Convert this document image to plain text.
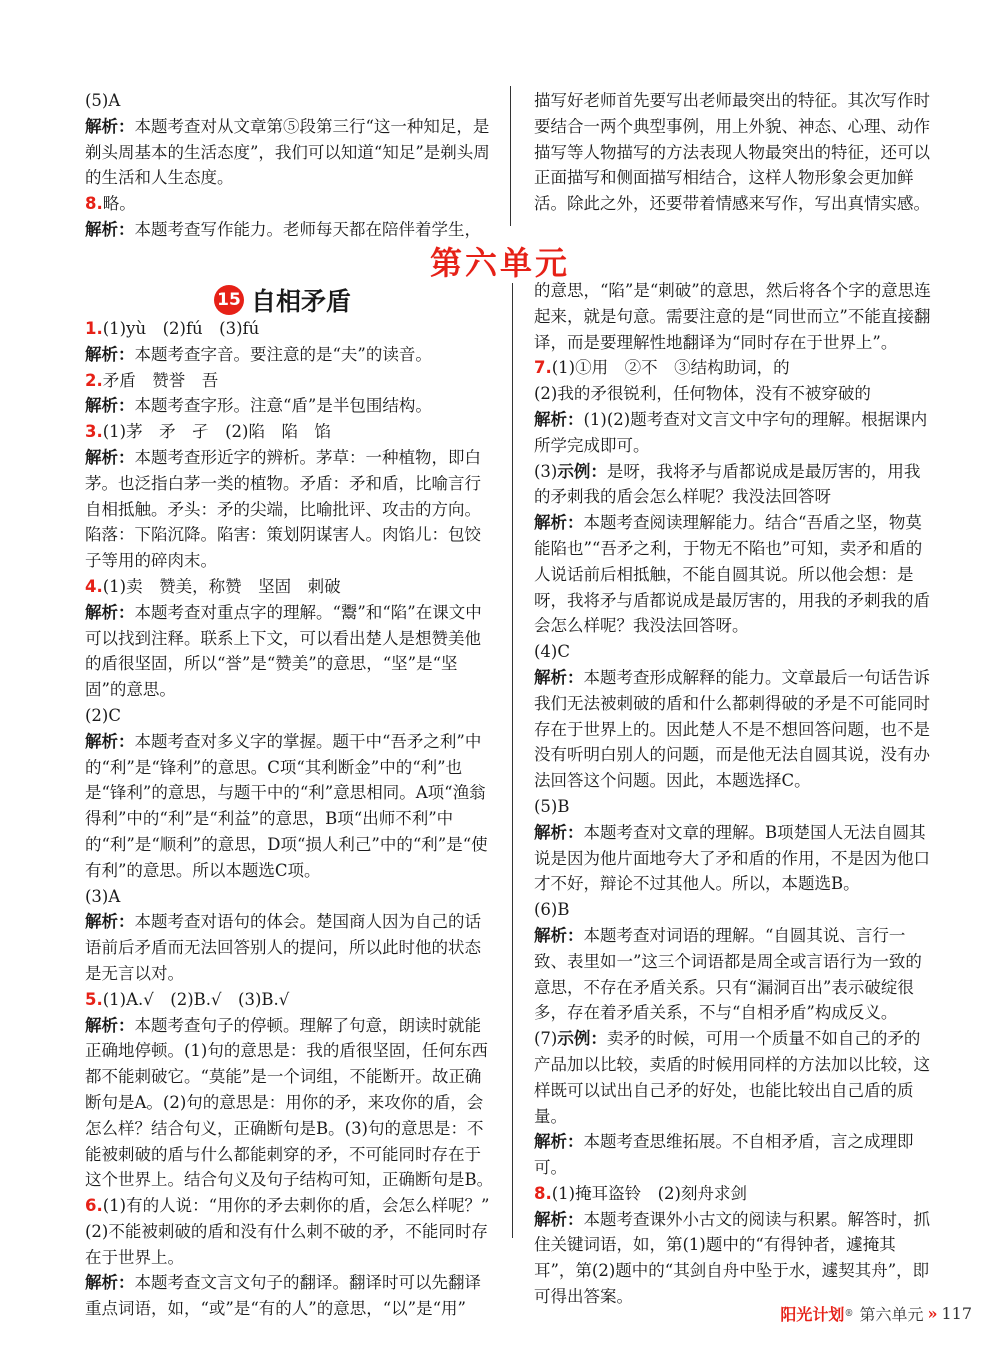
(5)A

解析：本题考查对从文章第⑤段第三行“这一种知足，是剃头周基本的生活态度”，我们可以知道“知足”是剃头周的生活和人生态度。

8.略。

解析：本题考查写作能力。老师每天都在陪伴着学生，

描写好老师首先要写出老师最突出的特征。其次写作时要结合一两个典型事例，用上外貌、神态、心理、动作描写等人物描写的方法表现人物最突出的特征，还可以正面描写和侧面描写相结合，这样人物形象会更加鲜活。除此之外，还要带着情感来写作，写出真情实感。

第六单元
15 自相矛盾

1.(1)yù　(2)fú　(3)fú

解析：本题考查字音。要注意的是“夫”的读音。

2.矛盾　赞誉　吾

解析：本题考查字形。注意“盾”是半包围结构。

3.(1)茅　矛　孑　(2)陷　陷　馅

解析：本题考查形近字的辨析。茅草：一种植物，即白茅。也泛指白茅一类的植物。矛盾：矛和盾，比喻言行自相抵触。矛头：矛的尖端，比喻批评、攻击的方向。陷落：下陷沉降。陷害：策划阴谋害人。肉馅儿：包饺子等用的碎肉末。

4.(1)卖　赞美，称赞　坚固　刺破

解析：本题考查对重点字的理解。“鬻”和“陷”在课文中可以找到注释。联系上下文，可以看出楚人是想赞美他的盾很坚固，所以“誉”是“赞美”的意思，“坚”是“坚固”的意思。

(2)C

解析：本题考查对多义字的掌握。题干中“吾矛之利”中的“利”是“锋利”的意思。C项“其利断金”中的“利”也是“锋利”的意思，与题干中的“利”意思相同。A项“渔翁得利”中的“利”是“利益”的意思，B项“出师不利”中的“利”是“顺利”的意思，D项“损人利己”中的“利”是“使有利”的意思。所以本题选C项。

(3)A

解析：本题考查对语句的体会。楚国商人因为自己的话语前后矛盾而无法回答别人的提问，所以此时他的状态是无言以对。

5.(1)A.√　(2)B.√　(3)B.√

解析：本题考查句子的停顿。理解了句意，朗读时就能正确地停顿。(1)句的意思是：我的盾很坚固，任何东西都不能刺破它。“莫能”是一个词组，不能断开。故正确断句是A。(2)句的意思是：用你的矛，来攻你的盾，会怎么样？结合句义，正确断句是B。(3)句的意思是：不能被刺破的盾与什么都能刺穿的矛，不可能同时存在于这个世界上。结合句义及句子结构可知，正确断句是B。

6.(1)有的人说：“用你的矛去刺你的盾，会怎么样呢？”

(2)不能被刺破的盾和没有什么刺不破的矛，不能同时存在于世界上。

解析：本题考查文言文句子的翻译。翻译时可以先翻译重点词语，如，“或”是“有的人”的意思，“以”是“用”

的意思，“陷”是“刺破”的意思，然后将各个字的意思连起来，就是句意。需要注意的是“同世而立”不能直接翻译，而是要理解性地翻译为“同时存在于世界上”。

7.(1)①用　②不　③结构助词，的

(2)我的矛很锐利，任何物体，没有不被穿破的

解析：(1)(2)题考查对文言文中字句的理解。根据课内所学完成即可。

(3)示例：是呀，我将矛与盾都说成是最厉害的，用我的矛刺我的盾会怎么样呢？我没法回答呀

解析：本题考查阅读理解能力。结合“吾盾之坚，物莫能陷也”“吾矛之利，于物无不陷也”可知，卖矛和盾的人说话前后相抵触，不能自圆其说。所以他会想：是呀，我将矛与盾都说成是最厉害的，用我的矛刺我的盾会怎么样呢？我没法回答呀。

(4)C

解析：本题考查形成解释的能力。文章最后一句话告诉我们无法被刺破的盾和什么都刺得破的矛是不可能同时存在于世界上的。因此楚人不是不想回答问题，也不是没有听明白别人的问题，而是他无法自圆其说，没有办法回答这个问题。因此，本题选择C。

(5)B

解析：本题考查对文章的理解。B项楚国人无法自圆其说是因为他片面地夸大了矛和盾的作用，不是因为他口才不好，辩论不过其他人。所以，本题选B。

(6)B

解析：本题考查对词语的理解。“自圆其说、言行一致、表里如一”这三个词语都是周全或言语行为一致的意思，不存在矛盾关系。只有“漏洞百出”表示破绽很多，存在着矛盾关系，不与“自相矛盾”构成反义。

(7)示例：卖矛的时候，可用一个质量不如自己的矛的产品加以比较，卖盾的时候用同样的方法加以比较，这样既可以试出自己矛的好处，也能比较出自己盾的质量。

解析：本题考查思维拓展。不自相矛盾，言之成理即可。

8.(1)掩耳盗铃　(2)刻舟求剑

解析：本题考查课外小古文的阅读与积累。解答时，抓住关键词语，如，第(1)题中的“有得钟者，遽掩其耳”，第(2)题中的“其剑自舟中坠于水，遽契其舟”，即可得出答案。

阳光计划 ® 第六单元 » 117
